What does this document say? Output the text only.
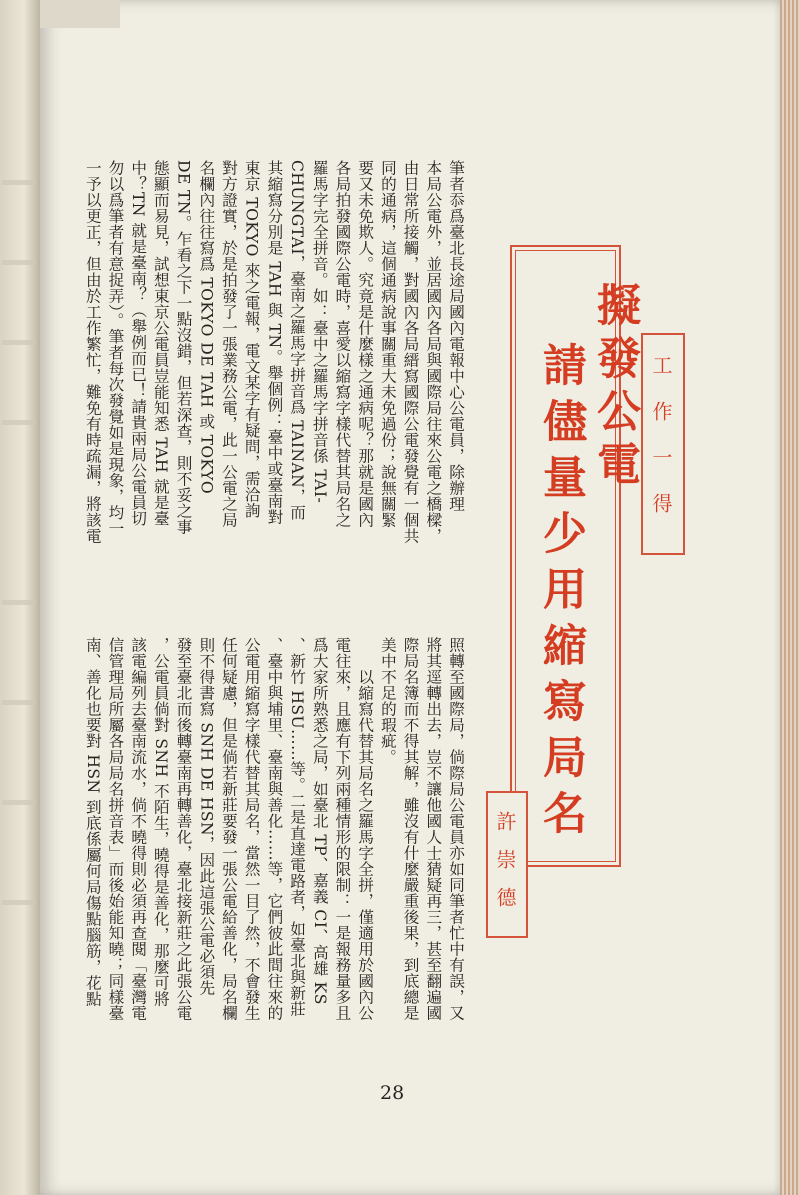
擬發公電
請儘量少用縮寫局名	工作一得
許崇德
筆者忝爲臺北長途局國內電報中心公電員，除辦理
本局公電外，並居國內各局與國際局往來公電之橋樑，
由日常所接觸，對國內各局縉寫國際公電發覺有一個共
同的通病，這個通病說事關重大未免過份；說無關緊
要又未免欺人。究竟是什麼樣之通病呢？那就是國內
各局拍發國際公電時，喜愛以縮寫字樣代替其局名之
羅馬字完全拼音。如：臺中之羅馬字拼音係 TAI-
CHUNGTAI，臺南之羅馬字拼音爲 TAINAN，而
其縮寫分別是 TAH 與 TN。舉個例：臺中或臺南對
東京 TOKYO 來之電報，電文某字有疑問，需洽詢
對方證實，於是拍發了一張業務公電，此一公電之局
名欄內往往寫爲 TOKYO DE TAH 或 TOKYO
DE TN。乍看之下一點沒錯，但若深查，則不妥之事
態顯而易見，試想東京公電員豈能知悉 TAH 就是臺
中？TN 就是臺南？（舉例而已！請貴兩局公電員切
勿以爲筆者有意捉弄）。筆者每次發覺如是現象，均一
一予以更正，但由於工作繁忙，難免有時疏漏，將該電
照轉至國際局，倘際局公電員亦如同筆者忙中有誤，又
將其逕轉出去，豈不讓他國人士猜疑再三，甚至翻遍國
際局名簿而不得其解，雖沒有什麼嚴重後果，到底總是
美中不足的瑕疵。
　　以縮寫代替其局名之羅馬字全拼，僅適用於國內公
電往來，且應有下列兩種情形的限制：一是報務量多且
爲大家所熟悉之局，如臺北 TP、嘉義 CI、高雄 KS
、新竹 HSU……等。二是直達電路者，如臺北與新莊
、臺中與埔里、臺南與善化……等，它們彼此間往來的
公電用縮寫字樣代替其局名，當然一目了然，不會發生
任何疑慮，但是倘若新莊要發一張公電給善化，局名欄
則不得書寫 SNH DE HSN，因此這張公電必須先
發至臺北而後轉臺南再轉善化，臺北接新莊之此張公電
，公電員倘對 SNH 不陌生，曉得是善化，那麼可將
該電編列去臺南流水，倘不曉得則必須再查閱「臺灣電
信管理局所屬各局局名拼音表」而後始能知曉；同樣臺
南、善化也要對 HSN 到底係屬何局傷點腦筋，花點
28
